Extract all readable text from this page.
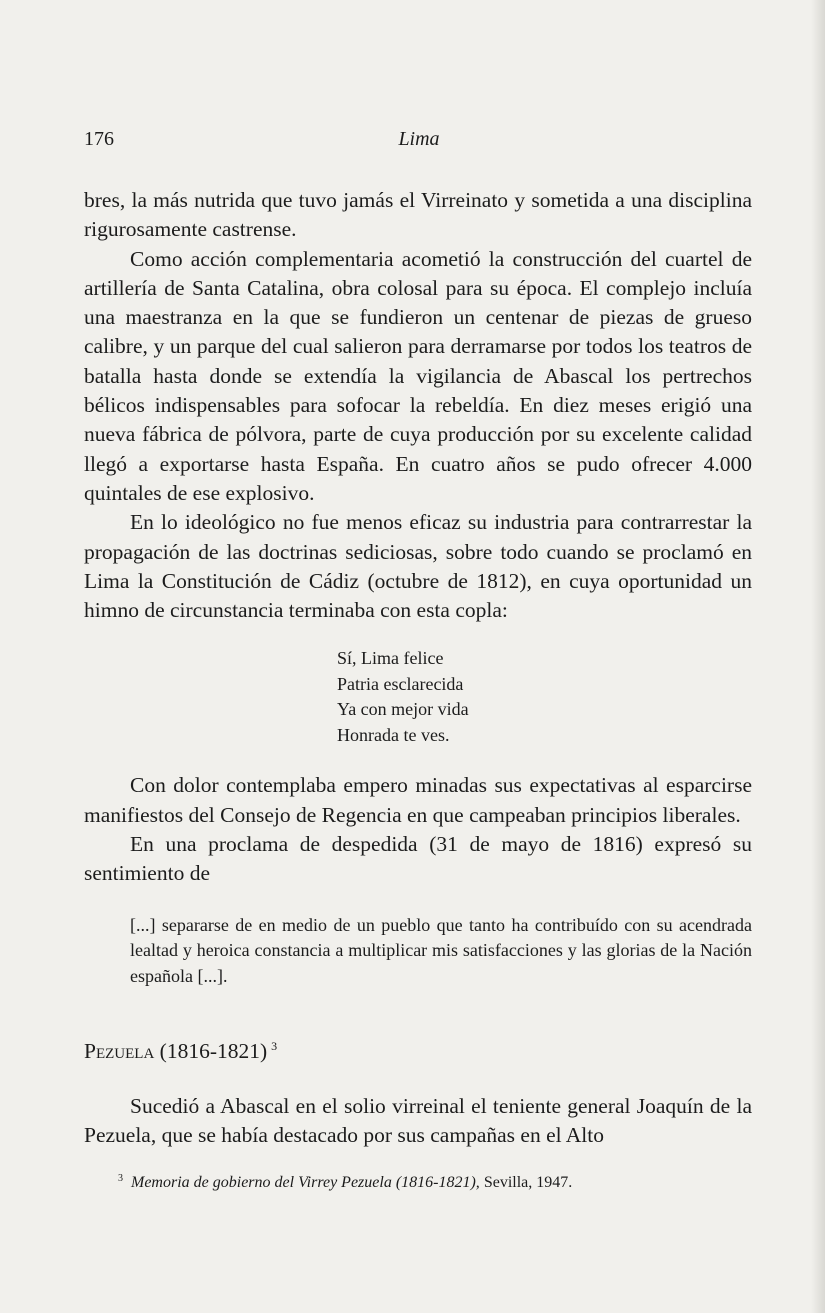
176	Lima

bres, la más nutrida que tuvo jamás el Virreinato y sometida a una disciplina rigurosamente castrense.

Como acción complementaria acometió la construcción del cuartel de artillería de Santa Catalina, obra colosal para su época. El complejo incluía una maestranza en la que se fundieron un centenar de piezas de grueso calibre, y un parque del cual salieron para derramarse por todos los teatros de batalla hasta donde se extendía la vigilancia de Abascal los pertrechos bélicos indispensables para sofocar la rebeldía. En diez meses erigió una nueva fábrica de pólvora, parte de cuya producción por su excelente calidad llegó a exportarse hasta España. En cuatro años se pudo ofrecer 4.000 quintales de ese explosivo.

En lo ideológico no fue menos eficaz su industria para contrarrestar la propagación de las doctrinas sediciosas, sobre todo cuando se proclamó en Lima la Constitución de Cádiz (octubre de 1812), en cuya oportunidad un himno de circunstancia terminaba con esta copla:

Sí, Lima felice
Patria esclarecida
Ya con mejor vida
Honrada te ves.

Con dolor contemplaba empero minadas sus expectativas al esparcirse manifiestos del Consejo de Regencia en que campeaban principios liberales.

En una proclama de despedida (31 de mayo de 1816) expresó su sentimiento de

[...] separarse de en medio de un pueblo que tanto ha contribuído con su acendrada lealtad y heroica constancia a multiplicar mis satisfacciones y las glorias de la Nación española [...].
Pezuela (1816-1821) $^3$

Sucedió a Abascal en el solio virreinal el teniente general Joaquín de la Pezuela, que se había destacado por sus campañas en el Alto

$^3$ Memoria de gobierno del Virrey Pezuela (1816-1821), Sevilla, 1947.
